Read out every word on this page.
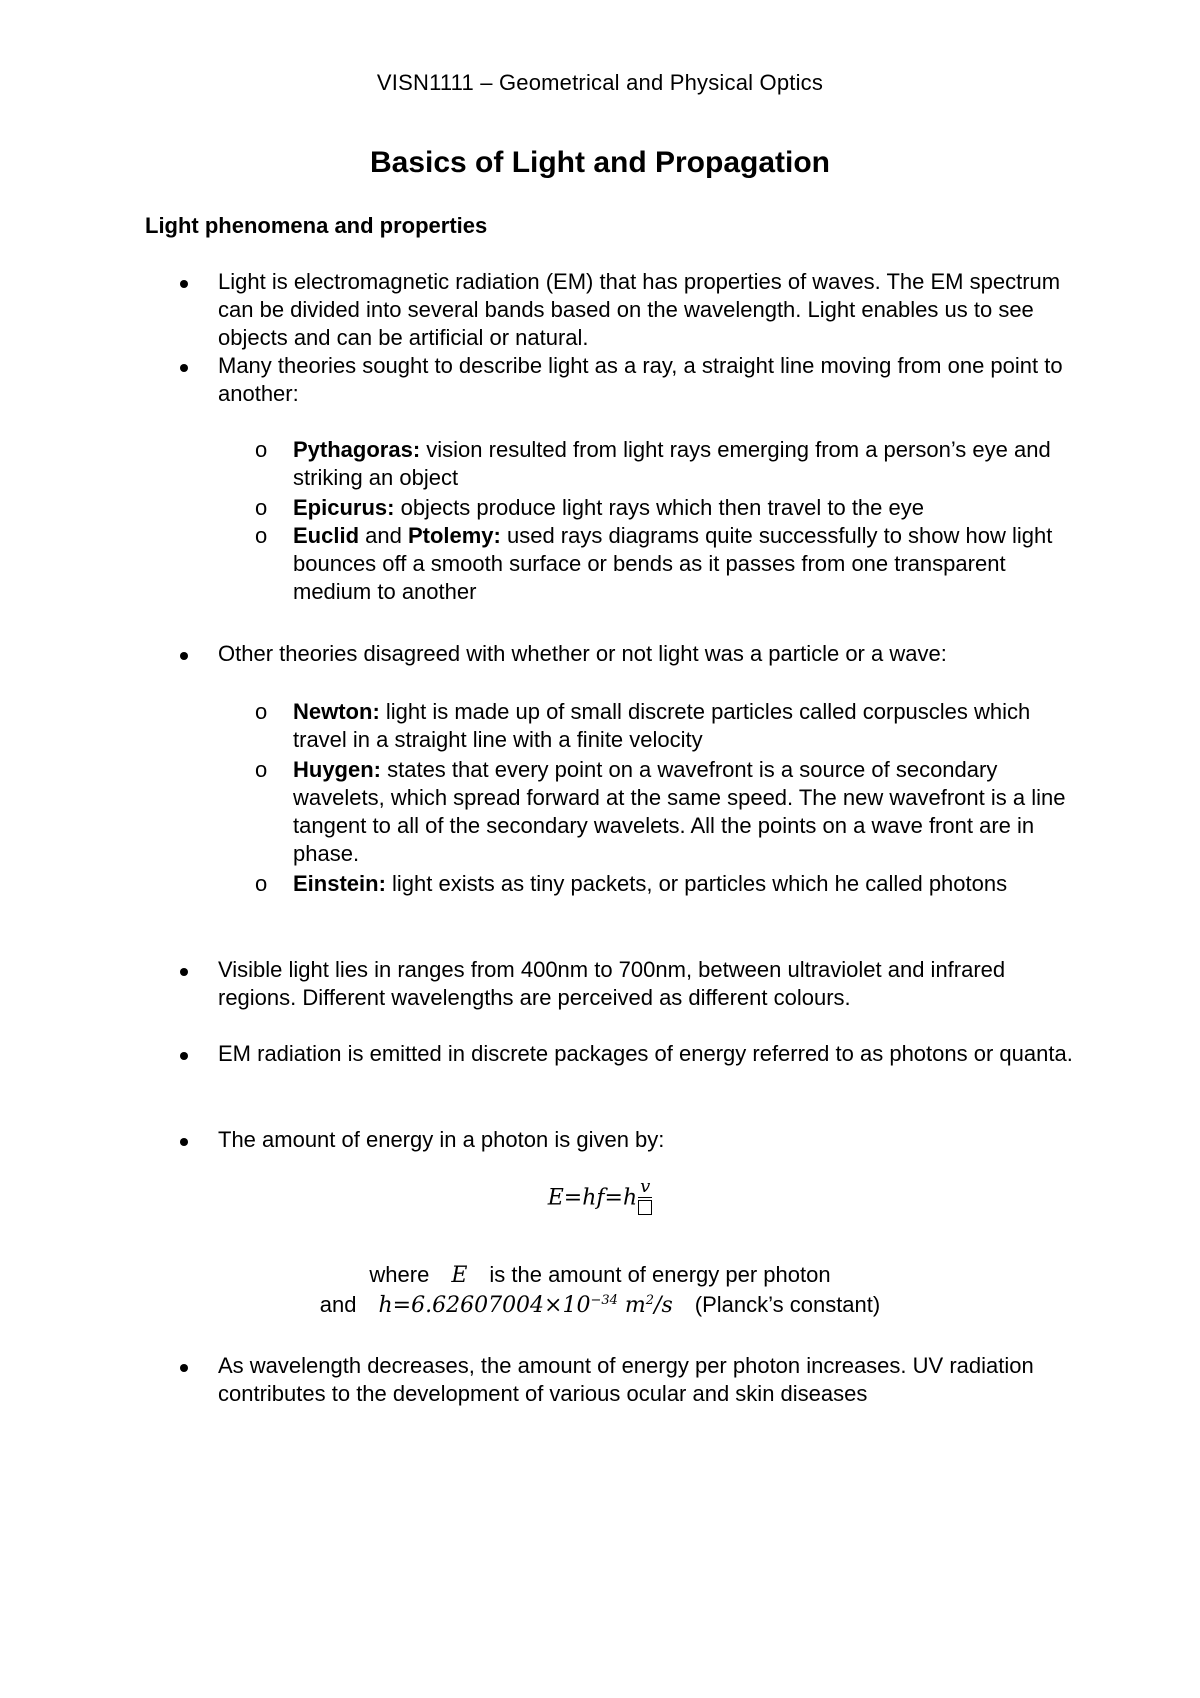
VISN1111 – Geometrical and Physical Optics
Basics of Light and Propagation
Light phenomena and properties
Light is electromagnetic radiation (EM) that has properties of waves. The EM spectrum can be divided into several bands based on the wavelength. Light enables us to see objects and can be artificial or natural.
Many theories sought to describe light as a ray, a straight line moving from one point to another:
o Pythagoras: vision resulted from light rays emerging from a person’s eye and striking an object
o Epicurus: objects produce light rays which then travel to the eye
o Euclid and Ptolemy: used rays diagrams quite successfully to show how light bounces off a smooth surface or bends as it passes from one transparent medium to another
Other theories disagreed with whether or not light was a particle or a wave:
o Newton: light is made up of small discrete particles called corpuscles which travel in a straight line with a finite velocity
o Huygen: states that every point on a wavefront is a source of secondary wavelets, which spread forward at the same speed. The new wavefront is a line tangent to all of the secondary wavelets. All the points on a wave front are in phase.
o Einstein: light exists as tiny packets, or particles which he called photons
Visible light lies in ranges from 400nm to 700nm, between ultraviolet and infrared regions. Different wavelengths are perceived as different colours.
EM radiation is emitted in discrete packages of energy referred to as photons or quanta.
The amount of energy in a photon is given by:
E=hf=h v
where E is the amount of energy per photon
and $h=6.62607004\times 10^{-34}$ $m^2/s$ (Planck’s constant)
As wavelength decreases, the amount of energy per photon increases. UV radiation contributes to the development of various ocular and skin diseases
